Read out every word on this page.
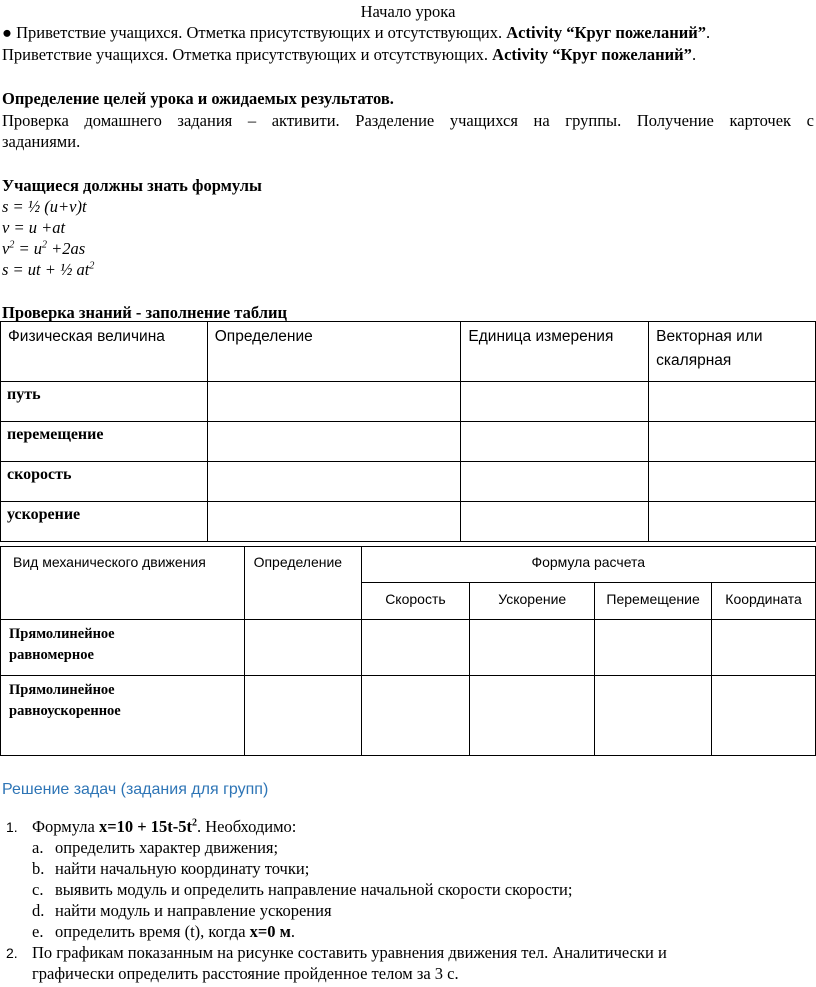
Начало урока
● Приветствие учащихся. Отметка присутствующих и отсутствующих. Activity “Круг пожеланий”.
Приветствие учащихся. Отметка присутствующих и отсутствующих. Activity “Круг пожеланий”.
Определение целей урока и ожидаемых результатов.
Проверка домашнего задания – активити. Разделение учащихся на группы. Получение карточек с
заданиями.
Учащиеся должны знать формулы
s = ½ (u+v)t
v = u +at
$v^2 = u^2 +2as$
s = ut + ½ $at^2$
Проверка знаний - заполнение таблиц
Физическая величина	Определение	Единица измерения	Векторная или скалярная
путь			
перемещение			
скорость			
ускорение			
Вид механического движения	Определение	Формула расчета			
		Скорость	Ускорение	Перемещение	Координата
Прямолинейное
равномерное					
Прямолинейное
равноускоренное					
Решение задач (задания для групп)
1. Формула $x=10 + 15t-5t^2$. Необходимо:
a. определить характер движения;
b. найти начальную координату точки;
c. выявить модуль и определить направление начальной скорости скорости;
d. найти модуль и направление ускорения
e. определить время (t), когда x=0 м.
2. По графикам показанным на рисунке составить уравнения движения тел. Аналитически и
графически определить расстояние пройденное телом за 3 с.
